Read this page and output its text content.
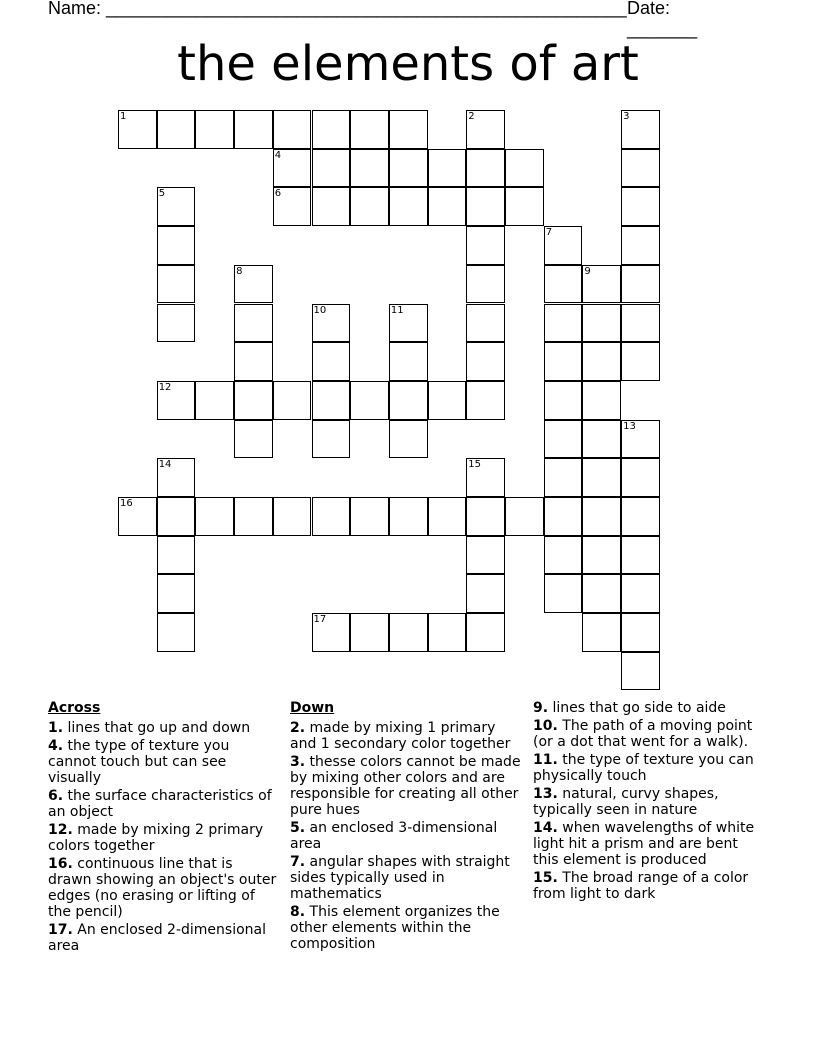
Name: ____________________________________________________ Date: _______
the elements of art
1	2	3
4
5	6
7
8	9
10	11
12
13
14	15
16
17
Across
1. lines that go up and down
4. the type of texture you cannot touch but can see visually
6. the surface characteristics of an object
12. made by mixing 2 primary colors together
16. continuous line that is drawn showing an object's outer edges (no erasing or lifting of the pencil)
17. An enclosed 2-dimensional area
Down
2. made by mixing 1 primary and 1 secondary color together
3. thesse colors cannot be made by mixing other colors and are responsible for creating all other pure hues
5. an enclosed 3-dimensional area
7. angular shapes with straight sides typically used in mathematics
8. This element organizes the other elements within the composition
9. lines that go side to aide
10. The path of a moving point (or a dot that went for a walk).
11. the type of texture you can physically touch
13. natural, curvy shapes, typically seen in nature
14. when wavelengths of white light hit a prism and are bent this element is produced
15. The broad range of a color from light to dark
